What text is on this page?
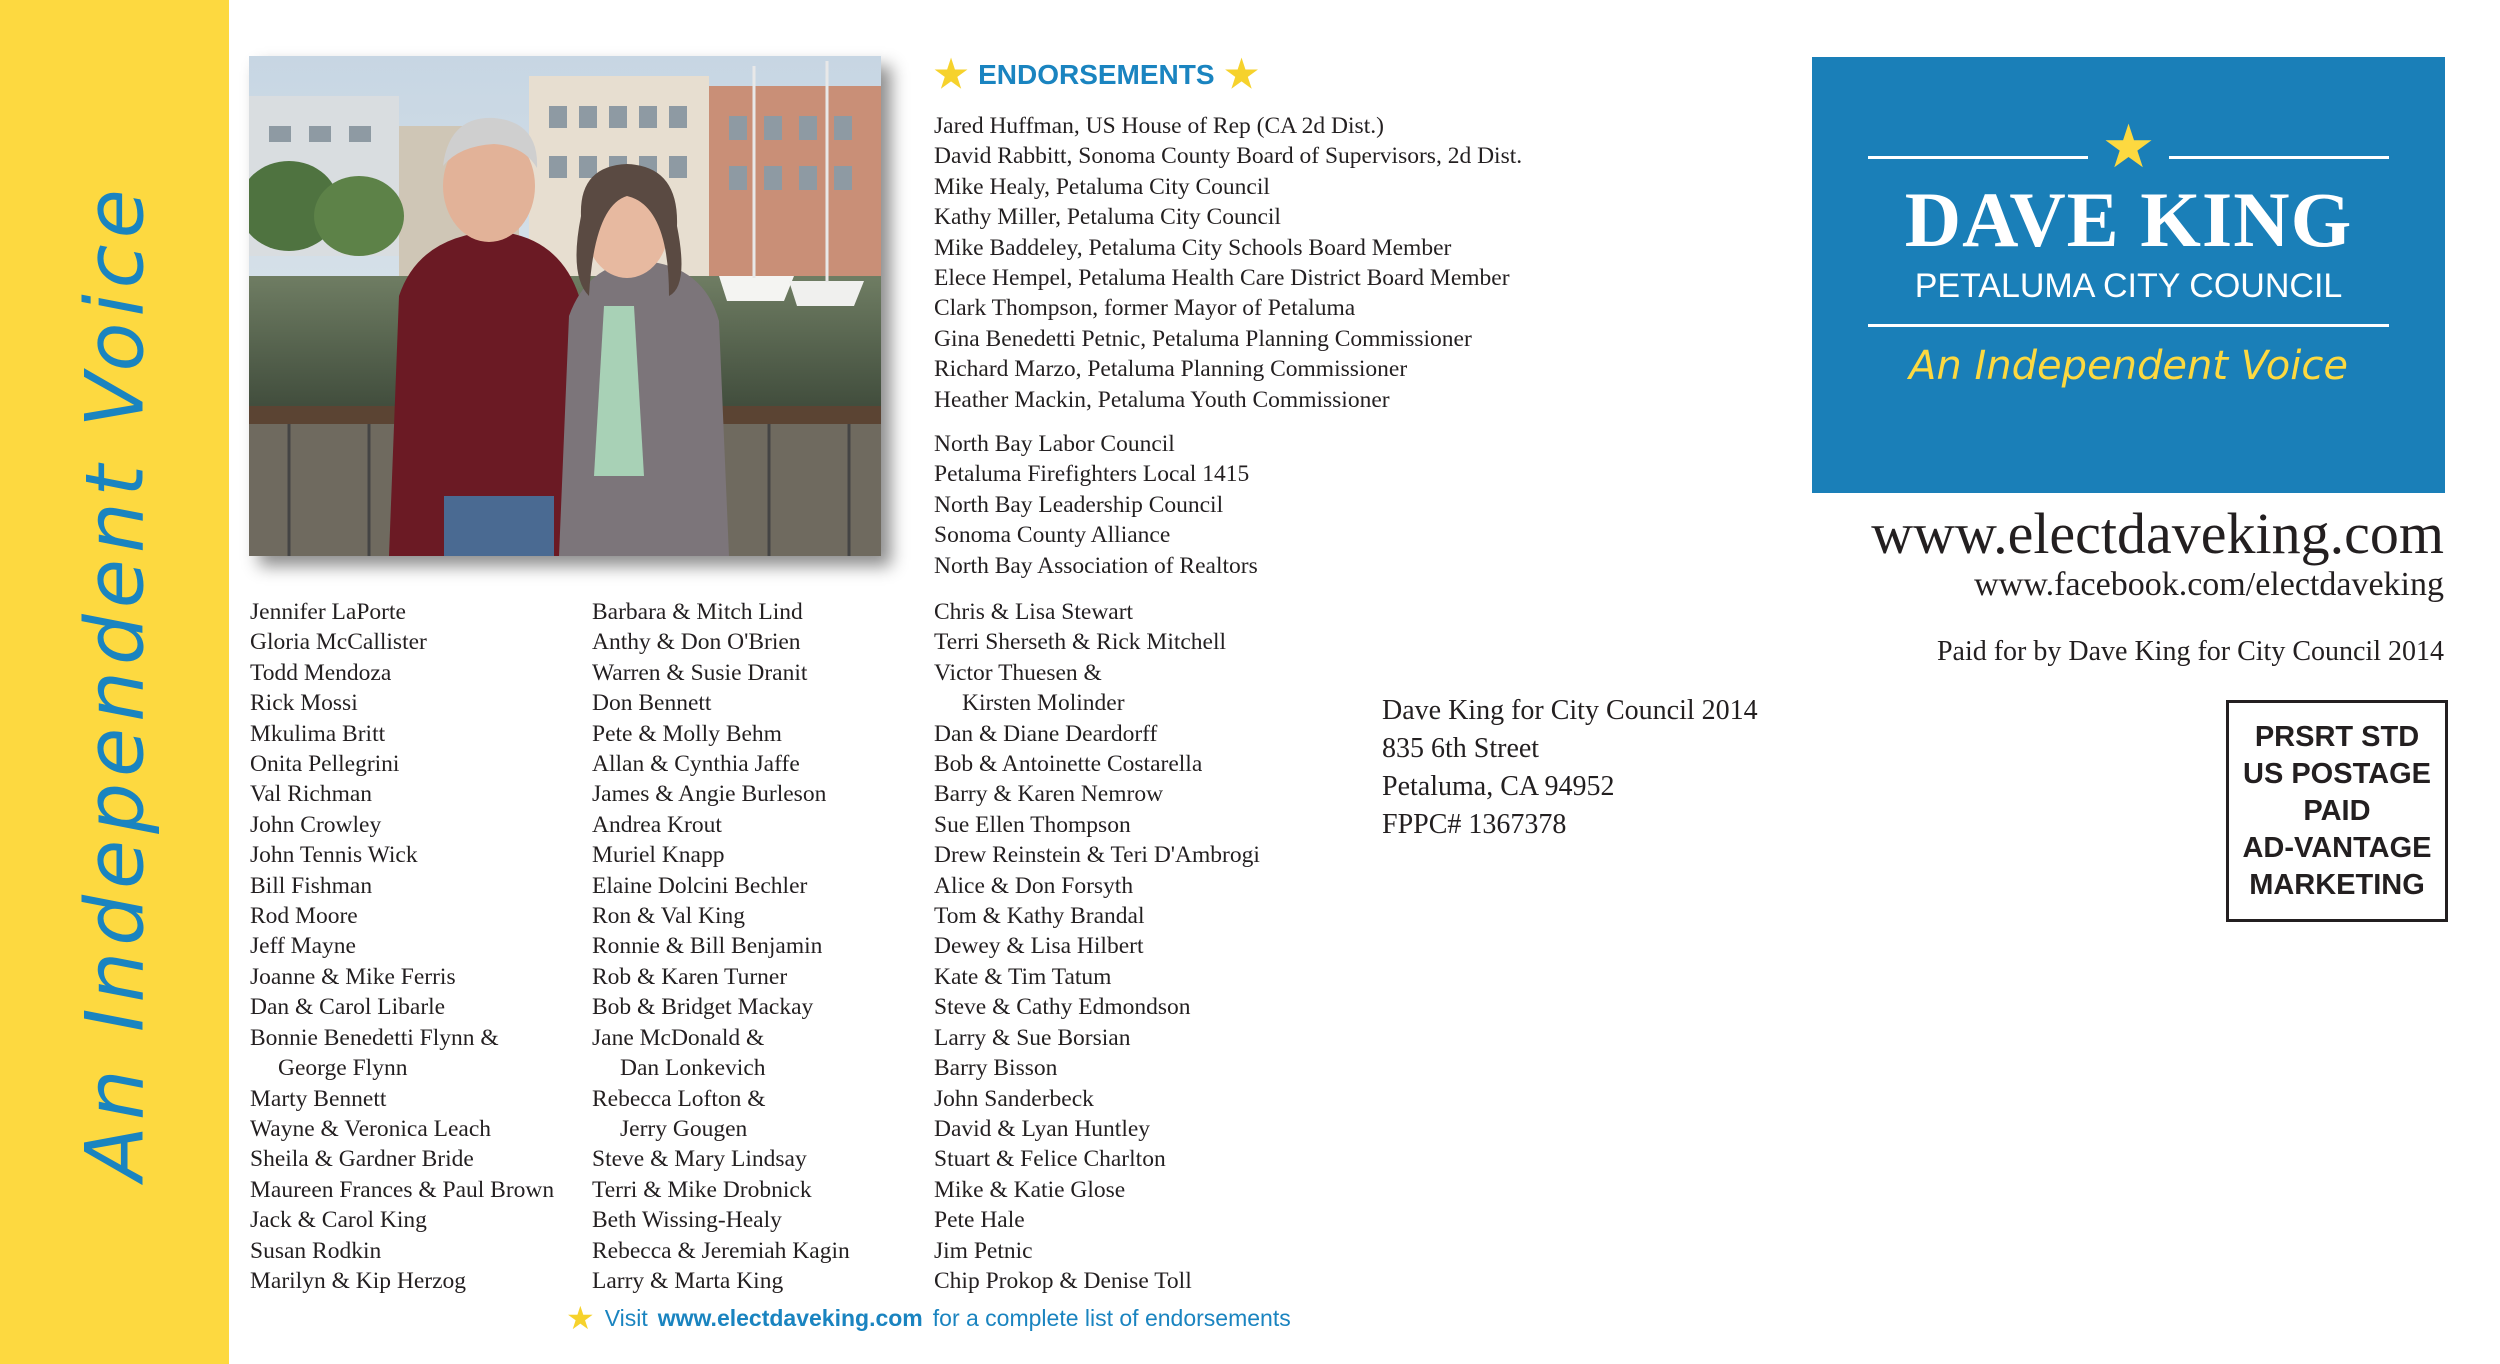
An Independent Voice
★ ENDORSEMENTS ★
Jared Huffman, US House of Rep (CA 2d Dist.)
David Rabbitt, Sonoma County Board of Supervisors, 2d Dist.
Mike Healy, Petaluma City Council
Kathy Miller, Petaluma City Council
Mike Baddeley, Petaluma City Schools Board Member
Elece Hempel, Petaluma Health Care District Board Member
Clark Thompson, former Mayor of Petaluma
Gina Benedetti Petnic, Petaluma Planning Commissioner
Richard Marzo, Petaluma Planning Commissioner
Heather Mackin, Petaluma Youth Commissioner
North Bay Labor Council
Petaluma Firefighters Local 1415
North Bay Leadership Council
Sonoma County Alliance
North Bay Association of Realtors
Jennifer LaPorte
Gloria McCallister
Todd Mendoza
Rick Mossi
Mkulima Britt
Onita Pellegrini
Val Richman
John Crowley
John Tennis Wick
Bill Fishman
Rod Moore
Jeff Mayne
Joanne & Mike Ferris
Dan & Carol Libarle
Bonnie Benedetti Flynn &
George Flynn
Marty Bennett
Wayne & Veronica Leach
Sheila & Gardner Bride
Maureen Frances & Paul Brown
Jack & Carol King
Susan Rodkin
Marilyn & Kip Herzog
Barbara & Mitch Lind
Anthy & Don O'Brien
Warren & Susie Dranit
Don Bennett
Pete & Molly Behm
Allan & Cynthia Jaffe
James & Angie Burleson
Andrea Krout
Muriel Knapp
Elaine Dolcini Bechler
Ron & Val King
Ronnie & Bill Benjamin
Rob & Karen Turner
Bob & Bridget Mackay
Jane McDonald &
Dan Lonkevich
Rebecca Lofton &
Jerry Gougen
Steve & Mary Lindsay
Terri & Mike Drobnick
Beth Wissing-Healy
Rebecca & Jeremiah Kagin
Larry & Marta King
Chris & Lisa Stewart
Terri Sherseth & Rick Mitchell
Victor Thuesen &
Kirsten Molinder
Dan & Diane Deardorff
Bob & Antoinette Costarella
Barry & Karen Nemrow
Sue Ellen Thompson
Drew Reinstein & Teri D'Ambrogi
Alice & Don Forsyth
Tom & Kathy Brandal
Dewey & Lisa Hilbert
Kate & Tim Tatum
Steve & Cathy Edmondson
Larry & Sue Borsian
Barry Bisson
John Sanderbeck
David & Lyan Huntley
Stuart & Felice Charlton
Mike & Katie Glose
Pete Hale
Jim Petnic
Chip Prokop & Denise Toll
★ Visit www.electdaveking.com for a complete list of endorsements
★
DAVE KING
PETALUMA CITY COUNCIL
An Independent Voice
www.electdaveking.com
www.facebook.com/electdaveking
Paid for by Dave King for City Council 2014
Dave King for City Council 2014
835 6th Street
Petaluma, CA 94952
FPPC# 1367378
PRSRT STD
US POSTAGE
PAID
AD-VANTAGE
MARKETING
